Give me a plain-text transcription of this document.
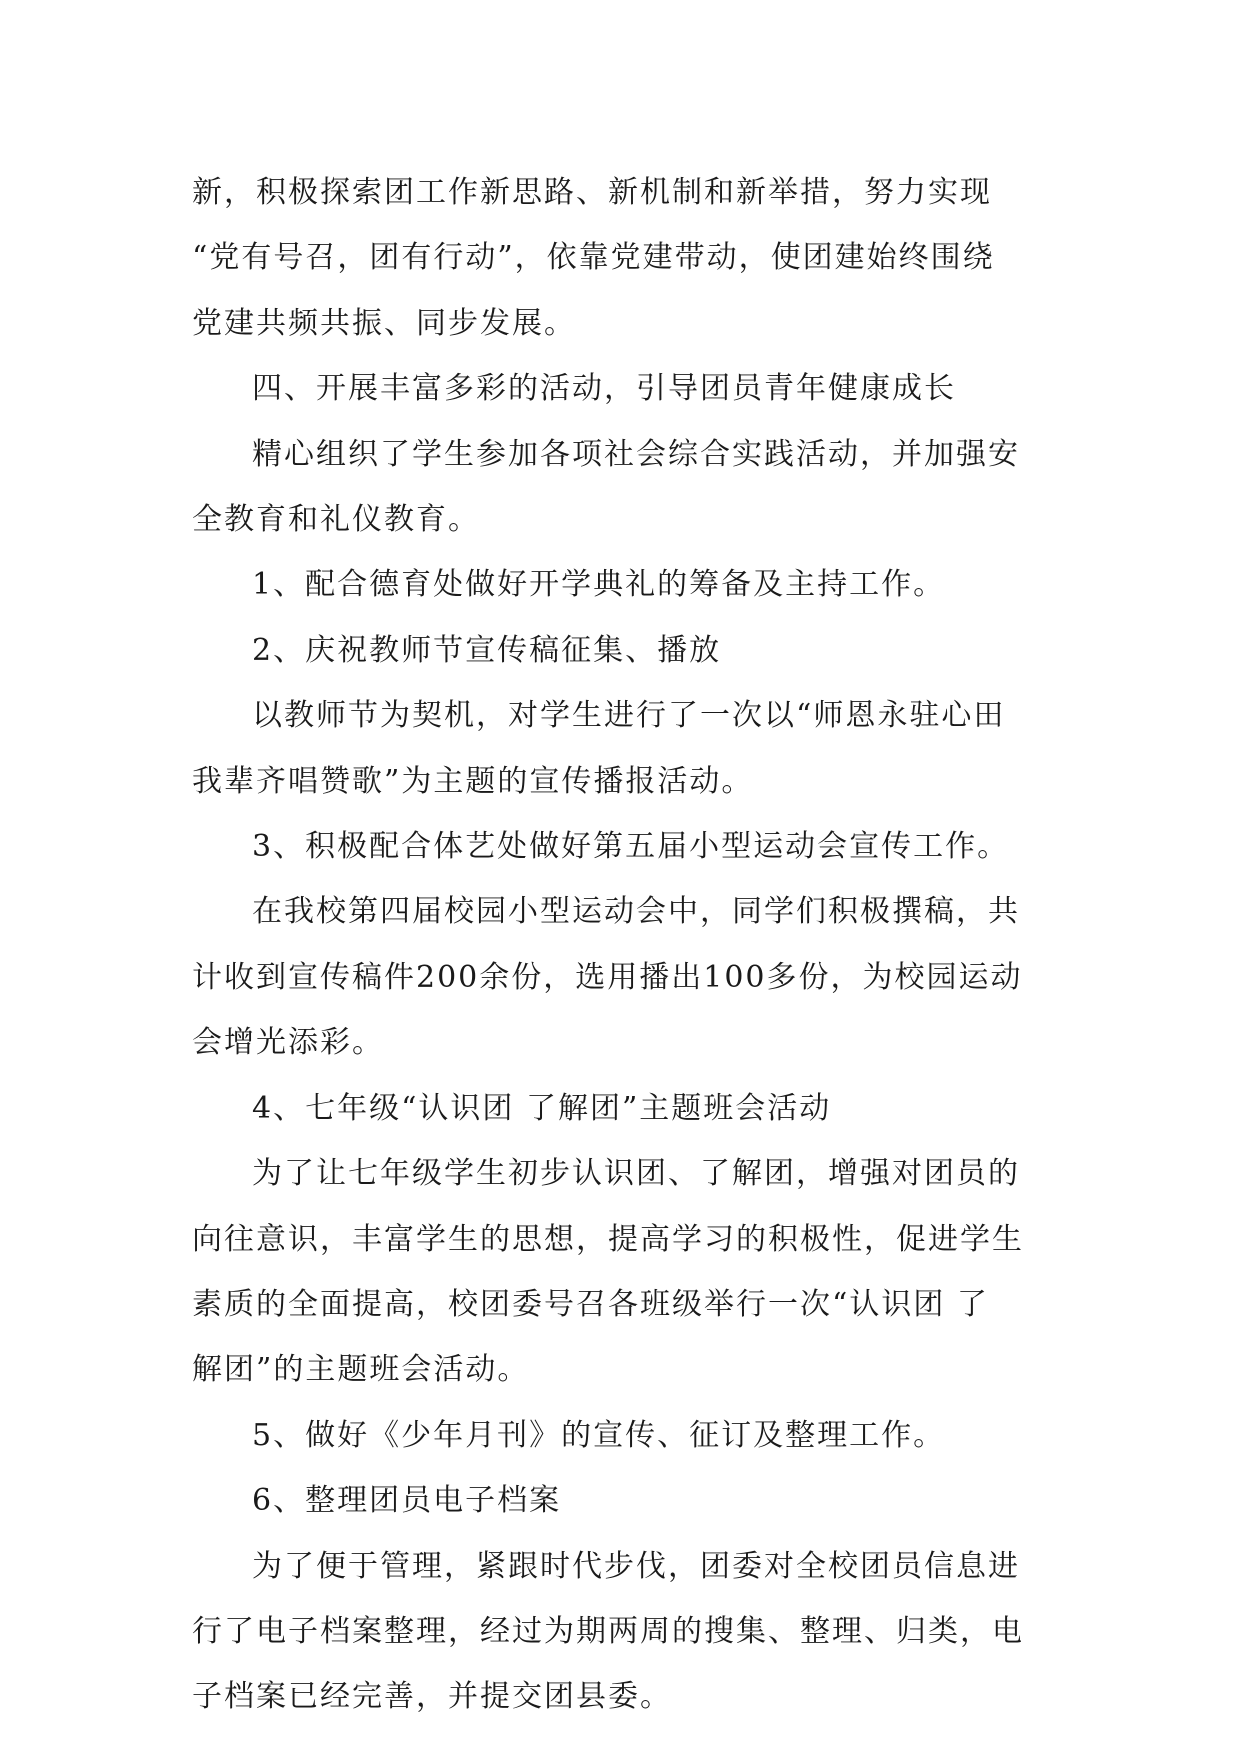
新，积极探索团工作新思路、新机制和新举措，努力实现
“党有号召，团有行动”，依靠党建带动，使团建始终围绕
党建共频共振、同步发展。

四、开展丰富多彩的活动，引导团员青年健康成长

精心组织了学生参加各项社会综合实践活动，并加强安
全教育和礼仪教育。

1、配合德育处做好开学典礼的筹备及主持工作。

2、庆祝教师节宣传稿征集、播放

以教师节为契机，对学生进行了一次以“师恩永驻心田
我辈齐唱赞歌”为主题的宣传播报活动。

3、积极配合体艺处做好第五届小型运动会宣传工作。

在我校第四届校园小型运动会中，同学们积极撰稿，共
计收到宣传稿件200余份，选用播出100多份，为校园运动
会增光添彩。

4、七年级“认识团 了解团”主题班会活动

为了让七年级学生初步认识团、了解团，增强对团员的
向往意识，丰富学生的思想，提高学习的积极性，促进学生
素质的全面提高，校团委号召各班级举行一次“认识团 了
解团”的主题班会活动。

5、做好《少年月刊》的宣传、征订及整理工作。

6、整理团员电子档案

为了便于管理，紧跟时代步伐，团委对全校团员信息进
行了电子档案整理，经过为期两周的搜集、整理、归类，电
子档案已经完善，并提交团县委。
